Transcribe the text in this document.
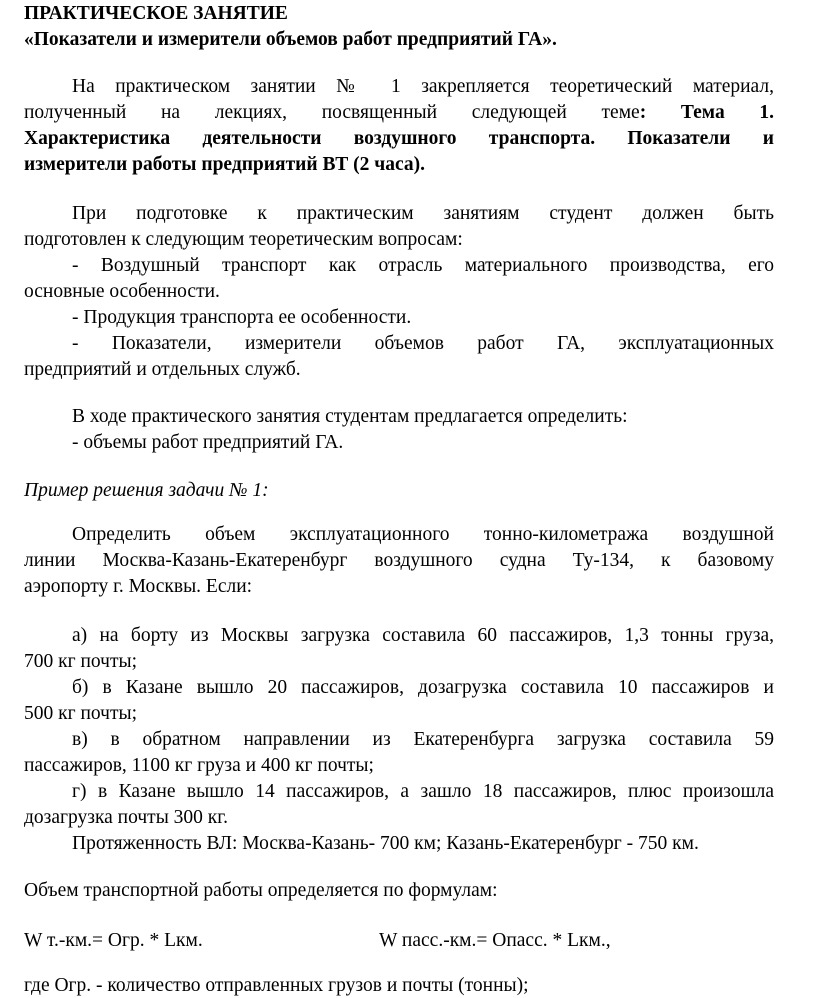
ПРАКТИЧЕСКОЕ ЗАНЯТИЕ
«Показатели и измерители объемов работ предприятий ГА».
На практическом занятии № 1 закрепляется теоретический материал,
полученный на лекциях, посвященный следующей теме: Тема 1.
Характеристика деятельности воздушного транспорта. Показатели и
измерители работы предприятий ВТ (2 часа).
При подготовке к практическим занятиям студент должен быть
подготовлен к следующим теоретическим вопросам:
- Воздушный транспорт как отрасль материального производства, его
основные особенности.
- Продукция транспорта ее особенности.
- Показатели, измерители объемов работ ГА, эксплуатационных
предприятий и отдельных служб.
В ходе практического занятия студентам предлагается определить:
- объемы работ предприятий ГА.
Пример решения задачи № 1:
Определить объем эксплуатационного тонно-километража воздушной
линии Москва-Казань-Екатеренбург воздушного судна Ту-134, к базовому
аэропорту г. Москвы. Если:
а) на борту из Москвы загрузка составила 60 пассажиров, 1,3 тонны груза,
700 кг почты;
б) в Казане вышло 20 пассажиров, дозагрузка составила 10 пассажиров и
500 кг почты;
в) в обратном направлении из Екатеренбурга загрузка составила 59
пассажиров, 1100 кг груза и 400 кг почты;
г) в Казане вышло 14 пассажиров, а зашло 18 пассажиров, плюс произошла
дозагрузка почты 300 кг.
Протяженность ВЛ: Москва-Казань- 700 км; Казань-Екатеренбург - 750 км.
Объем транспортной работы определяется по формулам:
W т.-км.= Огр. * Lкм.	W пасс.-км.= Опасс. * Lкм.,
где Огр. - количество отправленных грузов и почты (тонны);
